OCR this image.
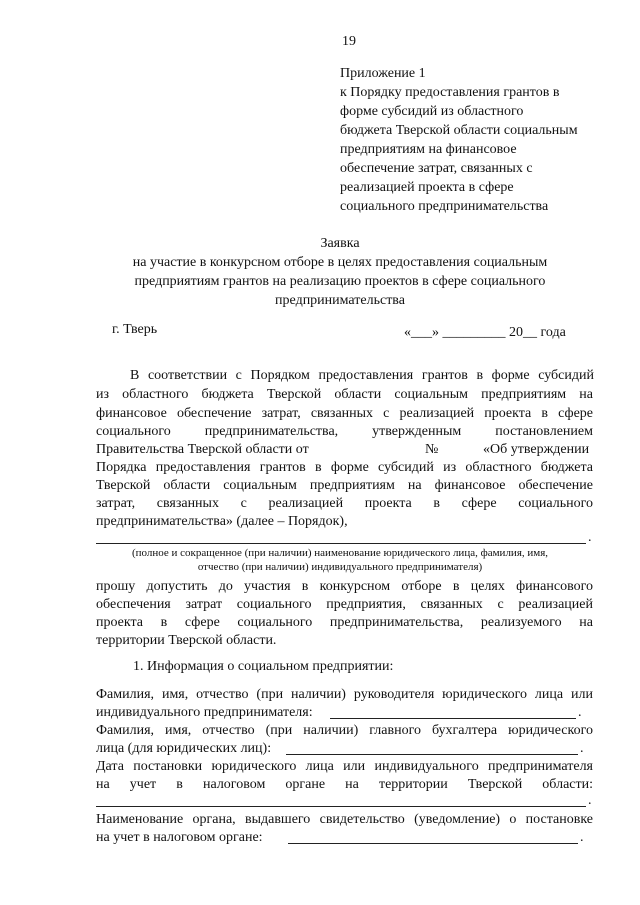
19
Приложение 1
к Порядку предоставления грантов в
форме субсидий из областного
бюджета Тверской области социальным
предприятиям на финансовое
обеспечение затрат, связанных с
реализацией проекта в сфере
социального предпринимательства
Заявка
на участие в конкурсном отборе в целях предоставления социальным
предприятиям грантов на реализацию проектов в сфере социального
предпринимательства
г. Тверь	«___» _________ 20__ года
В соответствии с Порядком предоставления грантов в форме субсидий
из областного бюджета Тверской области социальным предприятиям на
финансовое обеспечение затрат, связанных с реализацией проекта в сфере
социального предпринимательства, утвержденным постановлением
Правительства Тверской области от	№	«Об утверждении
Порядка предоставления грантов в форме субсидий из областного бюджета
Тверской области социальным предприятиям на финансовое обеспечение
затрат, связанных с реализацией проекта в сфере социального
предпринимательства» (далее – Порядок),
.
(полное и сокращенное (при наличии) наименование юридического лица, фамилия, имя,
отчество (при наличии) индивидуального предпринимателя)
прошу допустить до участия в конкурсном отборе в целях финансового
обеспечения затрат социального предприятия, связанных с реализацией
проекта в сфере социального предпринимательства, реализуемого на
территории Тверской области.
1. Информация о социальном предприятии:
Фамилия, имя, отчество (при наличии) руководителя юридического лица или
индивидуального предпринимателя:	.
Фамилия, имя, отчество (при наличии) главного бухгалтера юридического
лица (для юридических лиц):	.
Дата постановки юридического лица или индивидуального предпринимателя
на учет в налоговом органе на территории Тверской области:
.
Наименование органа, выдавшего свидетельство (уведомление) о постановке
на учет в налоговом органе:	.
